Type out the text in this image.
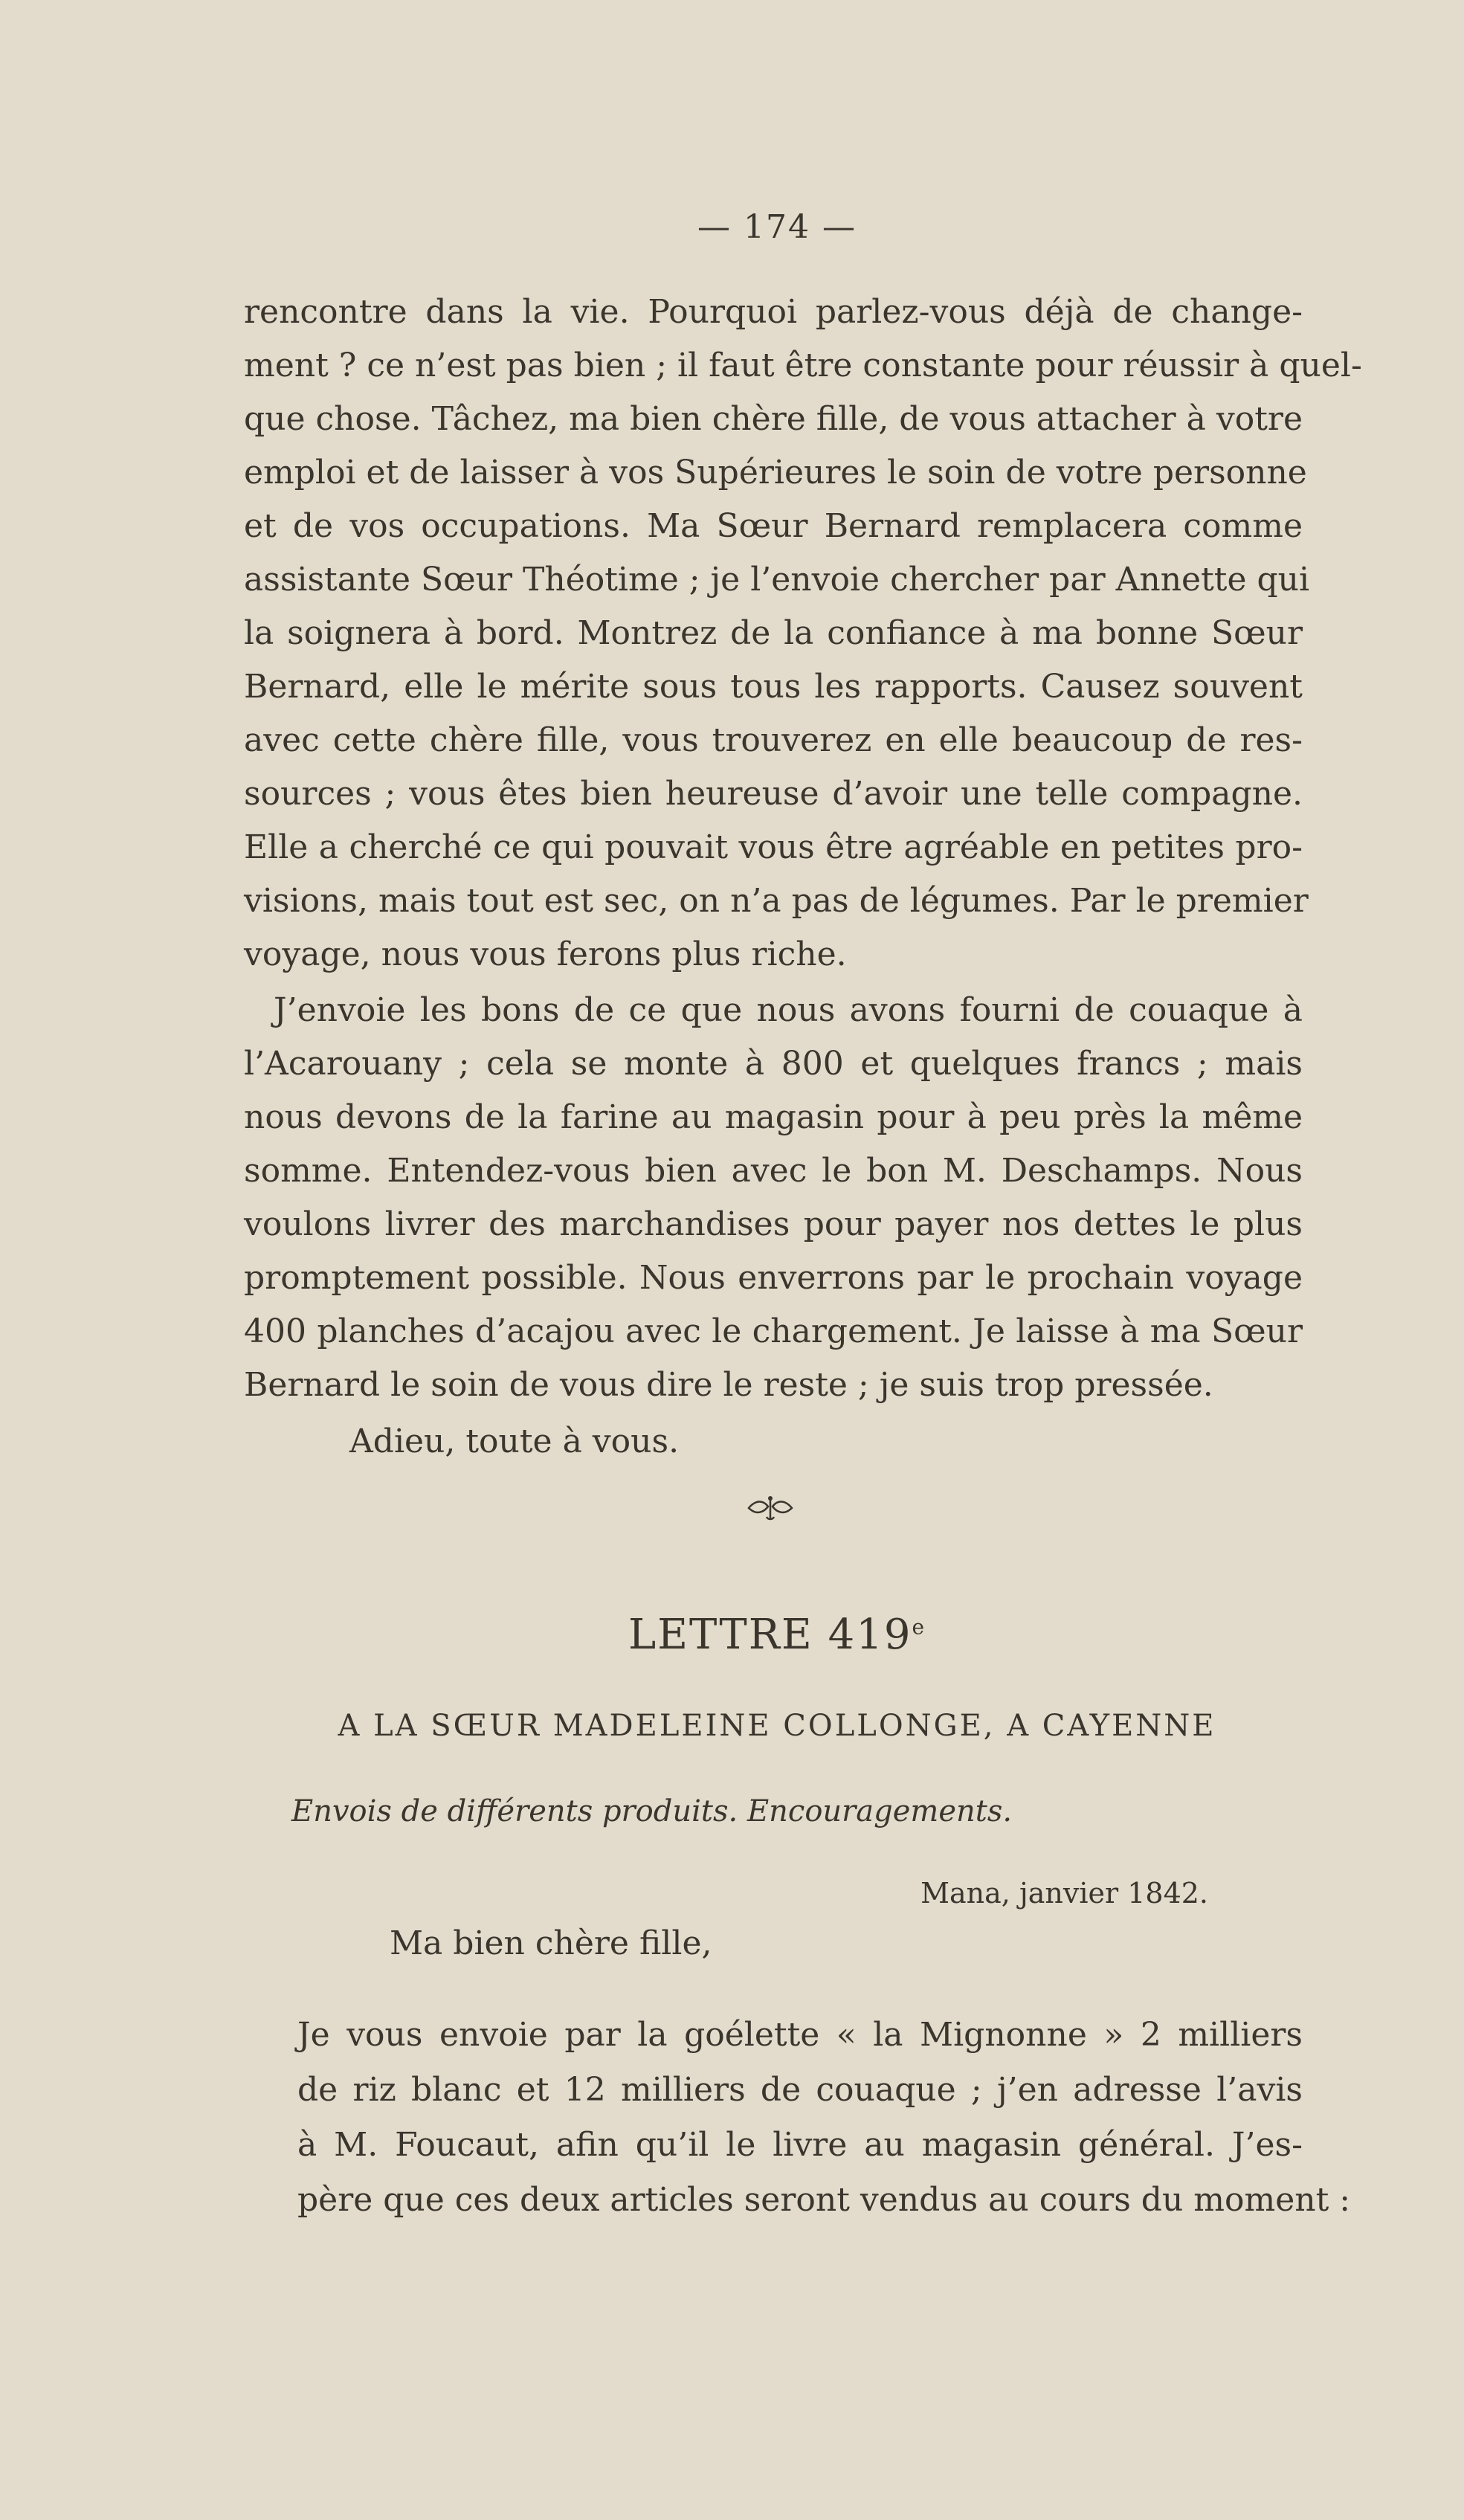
— 174 —
rencontre dans la vie. Pourquoi parlez-vous déjà de change-
ment ? ce n’est pas bien ; il faut être constante pour réussir à quel-
que chose. Tâchez, ma bien chère fille, de vous attacher à votre
emploi et de laisser à vos Supérieures le soin de votre personne
et de vos occupations. Ma Sœur Bernard remplacera comme
assistante Sœur Théotime ; je l’envoie chercher par Annette qui
la soignera à bord. Montrez de la confiance à ma bonne Sœur
Bernard, elle le mérite sous tous les rapports. Causez souvent
avec cette chère fille, vous trouverez en elle beaucoup de res-
sources ; vous êtes bien heureuse d’avoir une telle compagne.
Elle a cherché ce qui pouvait vous être agréable en petites pro-
visions, mais tout est sec, on n’a pas de légumes. Par le premier
voyage, nous vous ferons plus riche.
J’envoie les bons de ce que nous avons fourni de couaque à
l’Acarouany ; cela se monte à 800 et quelques francs ; mais
nous devons de la farine au magasin pour à peu près la même
somme. Entendez-vous bien avec le bon M. Deschamps. Nous
voulons livrer des marchandises pour payer nos dettes le plus
promptement possible. Nous enverrons par le prochain voyage
400 planches d’acajou avec le chargement. Je laisse à ma Sœur
Bernard le soin de vous dire le reste ; je suis trop pressée.
Adieu, toute à vous.
LETTRE 419e
A LA SŒUR MADELEINE COLLONGE, A CAYENNE
Envois de différents produits. Encouragements.
Mana, janvier 1842.
Ma bien chère fille,
Je vous envoie par la goélette « la Mignonne » 2 milliers
de riz blanc et 12 milliers de couaque ; j’en adresse l’avis
à M. Foucaut, afin qu’il le livre au magasin général. J’es-
père que ces deux articles seront vendus au cours du moment :
